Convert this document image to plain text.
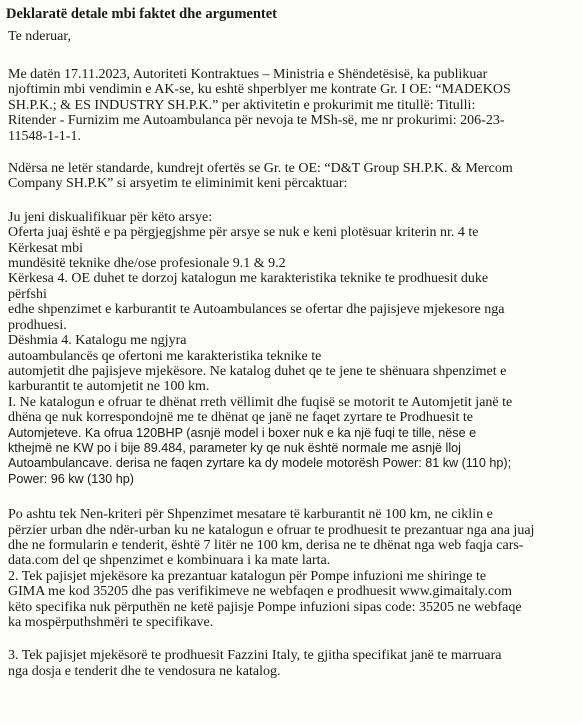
Deklaratë detale mbi faktet dhe argumentet
Te nderuar,
Me datën 17.11.2023, Autoriteti Kontraktues – Ministria e Shëndetësisë, ka publikuar
njoftimin mbi vendimin e AK-se, ku eshtë shperblyer me kontrate Gr. I OE: “MADEKOS
SH.P.K.; & ES INDUSTRY SH.P.K.” per aktivitetin e prokurimit me titullë: Titulli:
Ritender - Furnizim me Autoambulanca për nevoja te MSh-së, me nr prokurimi: 206-23-
11548-1-1-1.
Ndërsa ne letër standarde, kundrejt ofertës se Gr. te OE: “D&T Group SH.P.K. & Mercom
Company SH.P.K” si arsyetim te eliminimit keni përcaktuar:
Ju jeni diskualifikuar për këto arsye:
Oferta juaj është e pa përgjegjshme për arsye se nuk e keni plotësuar kriterin nr. 4 te
Kërkesat mbi
mundësitë teknike dhe/ose profesionale 9.1 & 9.2
Kërkesa 4. OE duhet te dorzoj katalogun me karakteristika teknike te prodhuesit duke
përfshi
edhe shpenzimet e karburantit te Autoambulances se ofertar dhe pajisjeve mjekesore nga
prodhuesi.
Dëshmia 4. Katalogu me ngjyra
autoambulancës qe ofertoni me karakteristika teknike te
automjetit dhe pajisjeve mjekësore. Ne katalog duhet qe te jene te shënuara shpenzimet e
karburantit te automjetit ne 100 km.
I. Ne katalogun e ofruar te dhënat rreth vëllimit dhe fuqisë se motorit te Automjetit janë te
dhëna qe nuk korrespondojnë me te dhënat qe janë ne faqet zyrtare te Prodhuesit te
Automjeteve. Ka ofrua 120BHP (asnjë model i boxer nuk e ka një fuqi te tille, nëse e
kthejmë ne KW po i bije 89.484, parameter ky qe nuk është normale me asnjë lloj
Autoambulancave. derisa ne faqen zyrtare ka dy modele motorësh Power: 81 kw (110 hp);
Power: 96 kw (130 hp)
Po ashtu tek Nen-kriteri për Shpenzimet mesatare të karburantit në 100 km, ne ciklin e
përzier urban dhe ndër-urban ku ne katalogun e ofruar te prodhuesit te prezantuar nga ana juaj
dhe ne formularin e tenderit, është 7 litër ne 100 km, derisa ne te dhënat nga web faqja cars-
data.com del qe shpenzimet e kombinuara i ka mate larta.
2. Tek pajisjet mjekësore ka prezantuar katalogun për Pompe infuzioni me shiringe te
GIMA me kod 35205 dhe pas verifikimeve ne webfaqen e prodhuesit www.gimaitaly.com
këto specifika nuk përputhën ne ketë pajisje Pompe infuzioni sipas code: 35205 ne webfaqe
ka mospërputhshmëri te specifikave.
3. Tek pajisjet mjekësorë te prodhuesit Fazzini Italy, te gjitha specifikat janë te marruara
nga dosja e tenderit dhe te vendosura ne katalog.
